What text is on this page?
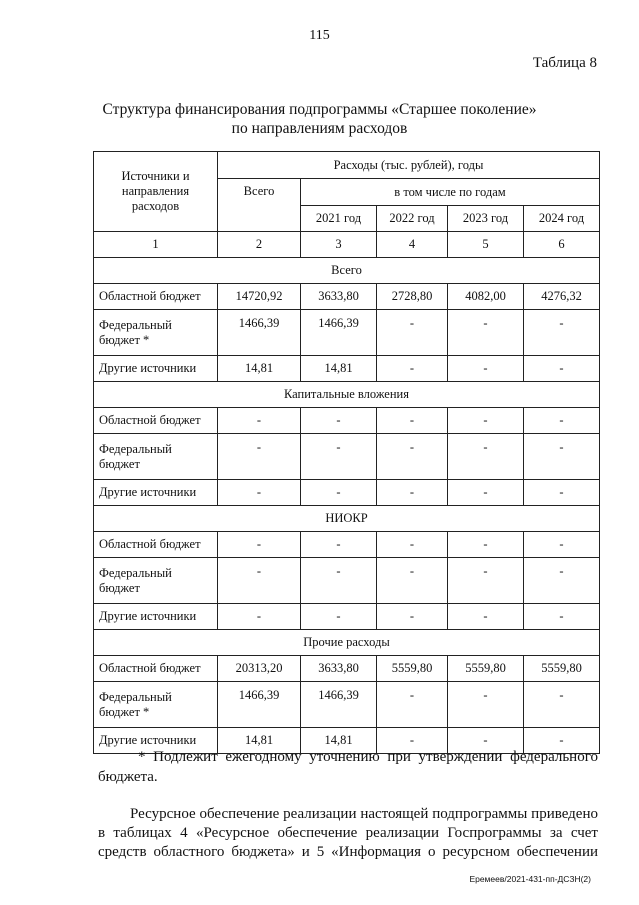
115
Таблица 8
Структура финансирования подпрограммы «Старшее поколение»
по направлениям расходов
Источники и направления расходов	Расходы (тыс. рублей), годы				
	Всего	в том числе по годам			
		2021 год	2022 год	2023 год	2024 год
1	2	3	4	5	6
Всего					
Областной бюджет	14720,92	3633,80	2728,80	4082,00	4276,32
Федеральный бюджет *	1466,39	1466,39	-	-	-
Другие источники	14,81	14,81	-	-	-
Капитальные вложения					
Областной бюджет	-	-	-	-	-
Федеральный бюджет	-	-	-	-	-
Другие источники	-	-	-	-	-
НИОКР					
Областной бюджет	-	-	-	-	-
Федеральный бюджет	-	-	-	-	-
Другие источники	-	-	-	-	-
Прочие расходы					
Областной бюджет	20313,20	3633,80	5559,80	5559,80	5559,80
Федеральный бюджет *	1466,39	1466,39	-	-	-
Другие источники	14,81	14,81	-	-	-
* Подлежит ежегодному уточнению при утверждении федерального бюджета.
Ресурсное обеспечение реализации настоящей подпрограммы приведено в таблицах 4 «Ресурсное обеспечение реализации Госпрограммы за счет средств областного бюджета» и 5 «Информация о ресурсном обеспечении
Еремеев/2021-431-пп-ДСЗН(2)
